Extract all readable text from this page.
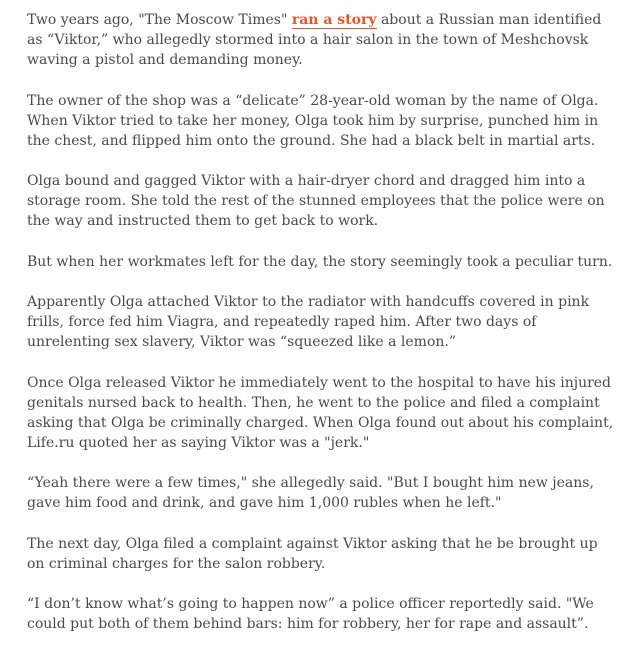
Two years ago, "The Moscow Times" ran a story about a Russian man identified as “Viktor,” who allegedly stormed into a hair salon in the town of Meshchovsk waving a pistol and demanding money.

The owner of the shop was a “delicate” 28-year-old woman by the name of Olga. When Viktor tried to take her money, Olga took him by surprise, punched him in the chest, and flipped him onto the ground. She had a black belt in martial arts.

Olga bound and gagged Viktor with a hair-dryer chord and dragged him into a storage room. She told the rest of the stunned employees that the police were on the way and instructed them to get back to work.

But when her workmates left for the day, the story seemingly took a peculiar turn.

Apparently Olga attached Viktor to the radiator with handcuffs covered in pink frills, force fed him Viagra, and repeatedly raped him. After two days of unrelenting sex slavery, Viktor was “squeezed like a lemon.”

Once Olga released Viktor he immediately went to the hospital to have his injured genitals nursed back to health. Then, he went to the police and filed a complaint asking that Olga be criminally charged. When Olga found out about his complaint, Life.ru quoted her as saying Viktor was a "jerk."

“Yeah there were a few times," she allegedly said. "But I bought him new jeans, gave him food and drink, and gave him 1,000 rubles when he left."

The next day, Olga filed a complaint against Viktor asking that he be brought up on criminal charges for the salon robbery.

“I don’t know what’s going to happen now” a police officer reportedly said. "We could put both of them behind bars: him for robbery, her for rape and assault”.
